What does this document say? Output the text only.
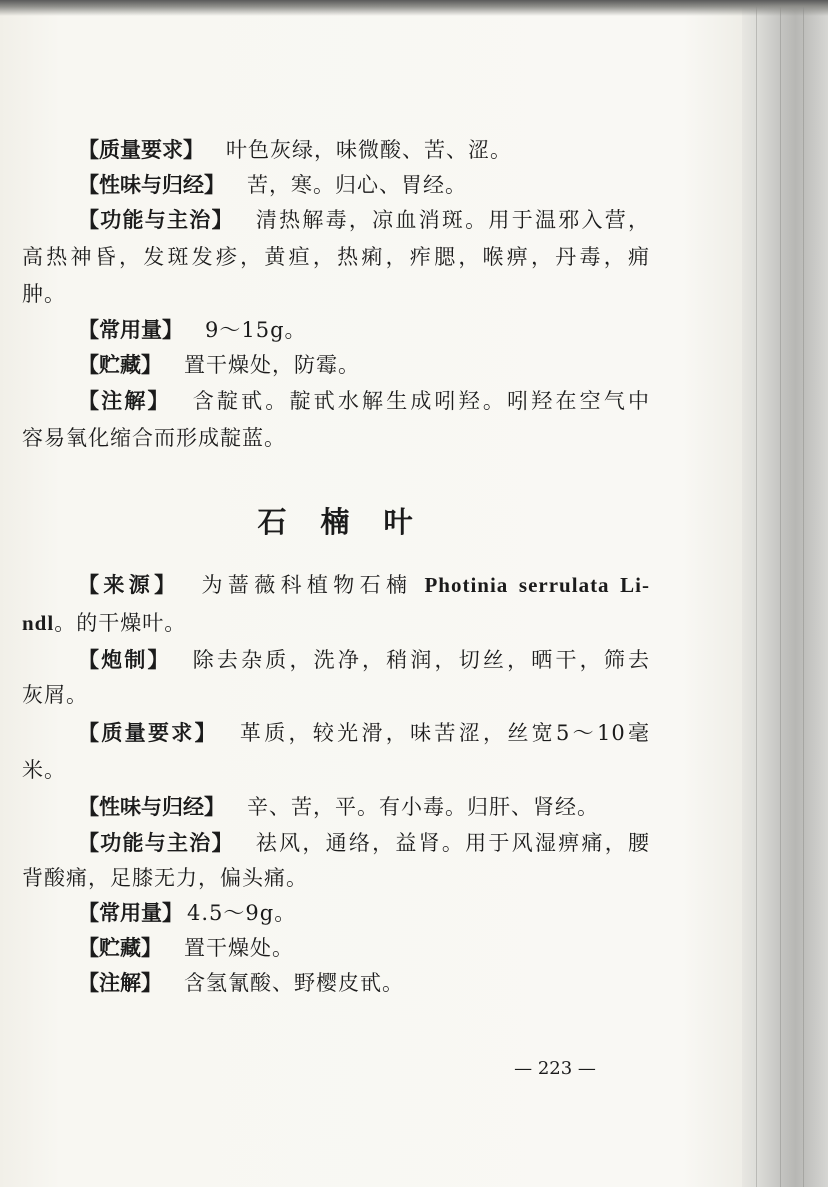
【质量要求】 叶色灰绿，味微酸、苦、涩。

【性味与归经】 苦，寒。归心、胃经。

【功能与主治】 清热解毒，凉血消斑。用于温邪入营，

高热神昏，发斑发疹，黄疸，热痢，痄腮，喉痹，丹毒，痈

肿。

【常用量】 9～15g。

【贮藏】 置干燥处，防霉。

【注解】 含靛甙。靛甙水解生成吲羟。吲羟在空气中

容易氧化缩合而形成靛蓝。

石楠叶

【来源】 为蔷薇科植物石楠 Photinia serrulata Li-

ndl。的干燥叶。

【炮制】 除去杂质，洗净，稍润，切丝，晒干，筛去

灰屑。

【质量要求】 革质，较光滑，味苦涩，丝宽5～10毫

米。

【性味与归经】 辛、苦，平。有小毒。归肝、肾经。

【功能与主治】 祛风，通络，益肾。用于风湿痹痛，腰

背酸痛，足膝无力，偏头痛。

【常用量】 4.5～9g。

【贮藏】 置干燥处。

【注解】 含氢氰酸、野樱皮甙。

— 223 —
